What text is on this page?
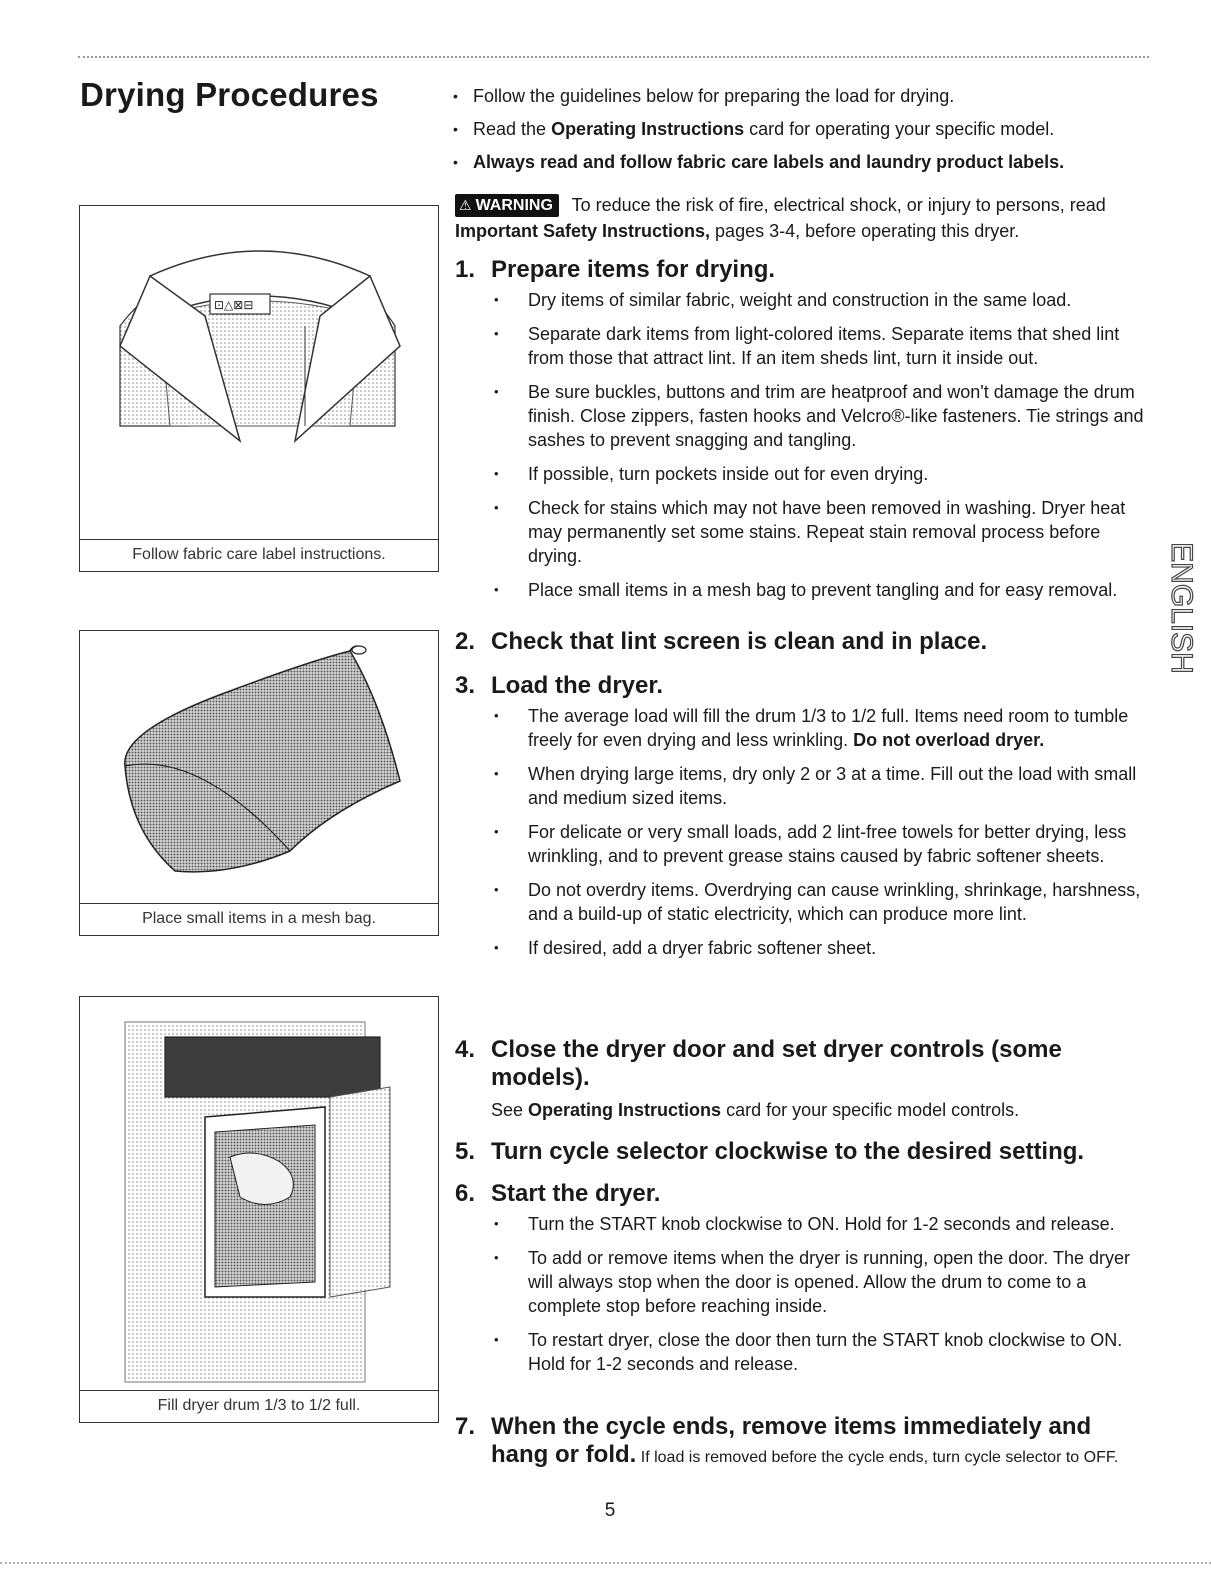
Drying Procedures
⊡△⊠⊟
Follow fabric care label instructions.
Place small items in a mesh bag.
Fill dryer drum 1/3 to 1/2 full.
ENGLISH
• Follow the guidelines below for preparing the load for drying.
• Read the Operating Instructions card for operating your specific model.
• Always read and follow fabric care labels and laundry product labels.
⚠ WARNING To reduce the risk of fire, electrical shock, or injury to persons, read Important Safety Instructions, pages 3-4, before operating this dryer.
1. Prepare items for drying.
• Dry items of similar fabric, weight and construction in the same load.
• Separate dark items from light-colored items. Separate items that shed lint from those that attract lint. If an item sheds lint, turn it inside out.
• Be sure buckles, buttons and trim are heatproof and won't damage the drum finish. Close zippers, fasten hooks and Velcro®-like fasteners. Tie strings and sashes to prevent snagging and tangling.
• If possible, turn pockets inside out for even drying.
• Check for stains which may not have been removed in washing. Dryer heat may permanently set some stains. Repeat stain removal process before drying.
• Place small items in a mesh bag to prevent tangling and for easy removal.
2. Check that lint screen is clean and in place.
3. Load the dryer.
• The average load will fill the drum 1/3 to 1/2 full. Items need room to tumble freely for even drying and less wrinkling. Do not overload dryer.
• When drying large items, dry only 2 or 3 at a time. Fill out the load with small and medium sized items.
• For delicate or very small loads, add 2 lint-free towels for better drying, less wrinkling, and to prevent grease stains caused by fabric softener sheets.
• Do not overdry items. Overdrying can cause wrinkling, shrinkage, harshness, and a build-up of static electricity, which can produce more lint.
• If desired, add a dryer fabric softener sheet.
4. Close the dryer door and set dryer controls (some models).
See Operating Instructions card for your specific model controls.
5. Turn cycle selector clockwise to the desired setting.
6. Start the dryer.
• Turn the START knob clockwise to ON. Hold for 1-2 seconds and release.
• To add or remove items when the dryer is running, open the door. The dryer will always stop when the door is opened. Allow the drum to come to a complete stop before reaching inside.
• To restart dryer, close the door then turn the START knob clockwise to ON. Hold for 1-2 seconds and release.
7. When the cycle ends, remove items immediately and
hang or fold. If load is removed before the cycle ends, turn cycle selector to OFF.
5
